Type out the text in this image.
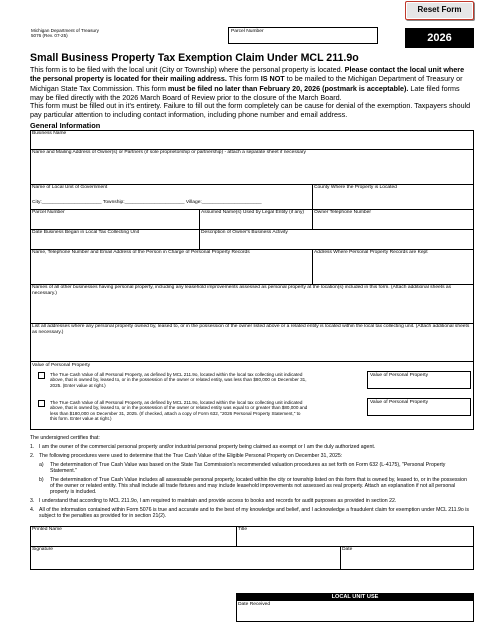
Michigan Department of Treasury
5076 (Rev. 07-25)
Parcel Number
Reset Form
2026
Small Business Property Tax Exemption Claim Under MCL 211.9o
This form is to be filed with the local unit (City or Township) where the personal property is located. Please contact the local unit where the personal property is located for their mailing address. This form IS NOT to be mailed to the Michigan Department of Treasury or Michigan State Tax Commission. This form must be filed no later than February 20, 2026 (postmark is acceptable). Late filed forms may be filed directly with the 2026 March Board of Review prior to the closure of the March Board.
This form must be filled out in it's entirety. Failure to fill out the form completely can be cause for denial of the exemption. Taxpayers should pay particular attention to including contact information, including phone number and email address.
General Information
Business Name
Name and Mailing Address of Owner(s) or Partners (if sole proprietorship or partnership) - attach a separate sheet if necessary
Name of Local Unit of Government
City:______________________ Township:______________________ Village:______________________
County Where the Property is Located
Parcel Number	Assumed Name(s) Used by Legal Entity (if any)	Owner Telephone Number
Date Business Began in Local Tax Collecting Unit	Description of Owner's Business Activity
Name, Telephone Number and Email Address of the Person in Charge of Personal Property Records	Address Where Personal Property Records are Kept
Names of all other businesses having personal property, including any leasehold improvements assessed as personal property at the location(s) included in this form. (Attach additional sheets as necessary.)
List all addresses where any personal property owned by, leased to, or in the possession of the owner listed above or a related entity is located within the local tax collecting unit. (Attach additional sheets as necessary.)
Value of Personal Property
The True Cash Value of all Personal Property, as defined by MCL 211.9o, located within the local tax collecting unit indicated above, that is owned by, leased to, or in the possession of the owner or related entity, was less than $80,000 on December 31, 2025. (Enter value at right.)
Value of Personal Property
The True Cash Value of all Personal Property, as defined by MCL 211.9o, located within the local tax collecting unit indicated above, that is owned by, leased to, or in the possession of the owner or related entity was equal to or greater than $80,000 and less than $180,000 on December 31, 2025. (If checked, attach a copy of Form 632, "2026 Personal Property Statement," to this form. Enter value at right.)
Value of Personal Property
The undersigned certifies that:
1. I am the owner of the commercial personal property and/or industrial personal property being claimed as exempt or I am the duly authorized agent.
2. The following procedures were used to determine that the True Cash Value of the Eligible Personal Property on December 31, 2025:
a) The determination of True Cash Value was based on the State Tax Commission's recommended valuation procedures as set forth on Form 632 (L-4175), "Personal Property Statement."
b) The determination of True Cash Value includes all assessable personal property, located within the city or township listed on this form that is owned by, leased to, or in the possession of the owner or related entity. This shall include all trade fixtures and may include leasehold improvements not assessed as real property. Attach an explanation if not all personal property is included.
3. I understand that according to MCL 211.9o, I am required to maintain and provide access to books and records for audit purposes as provided in section 22.
4. All of the information contained within Form 5076 is true and accurate and to the best of my knowledge and belief, and I acknowledge a fraudulent claim for exemption under MCL 211.9o is subject to the penalties as provided for in section 21(2).
Printed Name	Title
Signature	Date
LOCAL UNIT USE
Date Received
